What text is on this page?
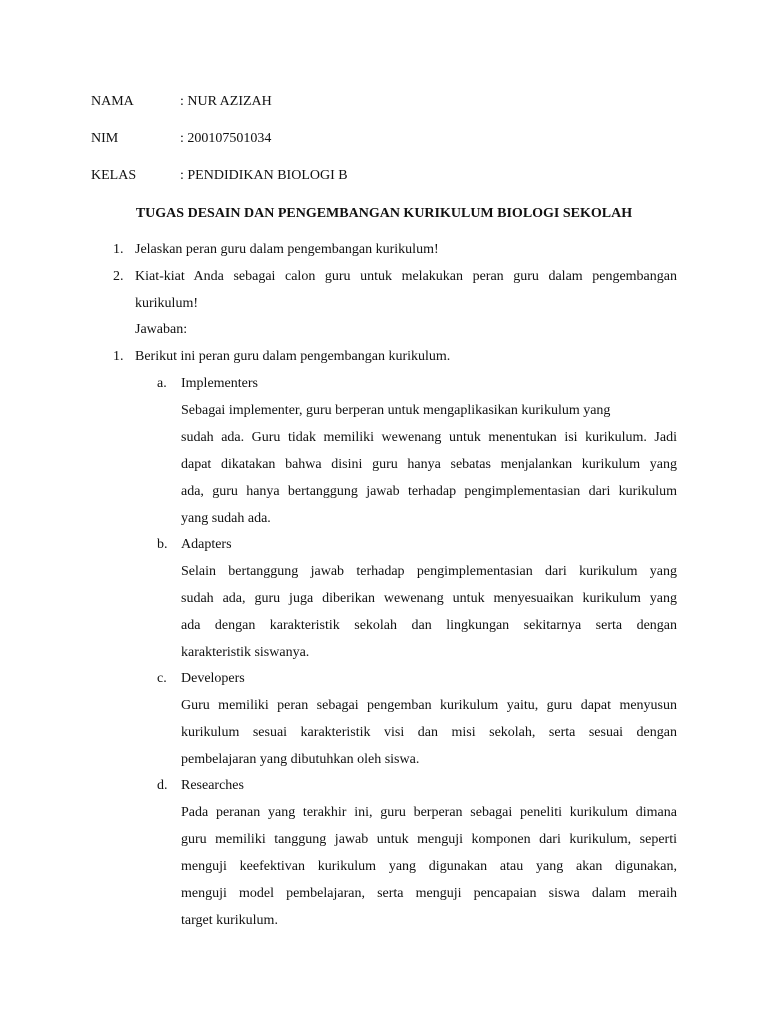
NAMA	: NUR AZIZAH
NIM	: 200107501034
KELAS	: PENDIDIKAN BIOLOGI B
TUGAS DESAIN DAN PENGEMBANGAN KURIKULUM BIOLOGI SEKOLAH
1. Jelaskan peran guru dalam pengembangan kurikulum!
2. Kiat-kiat Anda sebagai calon guru untuk melakukan peran guru dalam pengembangan
kurikulum!
Jawaban:
1. Berikut ini peran guru dalam pengembangan kurikulum.
a. Implementers
Sebagai implementer, guru berperan untuk mengaplikasikan kurikulum yang
sudah ada. Guru tidak memiliki wewenang untuk menentukan isi kurikulum. Jadi
dapat dikatakan bahwa disini guru hanya sebatas menjalankan kurikulum yang
ada, guru hanya bertanggung jawab terhadap pengimplementasian dari kurikulum
yang sudah ada.
b. Adapters
Selain bertanggung jawab terhadap pengimplementasian dari kurikulum yang
sudah ada, guru juga diberikan wewenang untuk menyesuaikan kurikulum yang
ada dengan karakteristik sekolah dan lingkungan sekitarnya serta dengan
karakteristik siswanya.
c. Developers
Guru memiliki peran sebagai pengemban kurikulum yaitu, guru dapat menyusun
kurikulum sesuai karakteristik visi dan misi sekolah, serta sesuai dengan
pembelajaran yang dibutuhkan oleh siswa.
d. Researches
Pada peranan yang terakhir ini, guru berperan sebagai peneliti kurikulum dimana
guru memiliki tanggung jawab untuk menguji komponen dari kurikulum, seperti
menguji keefektivan kurikulum yang digunakan atau yang akan digunakan,
menguji model pembelajaran, serta menguji pencapaian siswa dalam meraih
target kurikulum.
